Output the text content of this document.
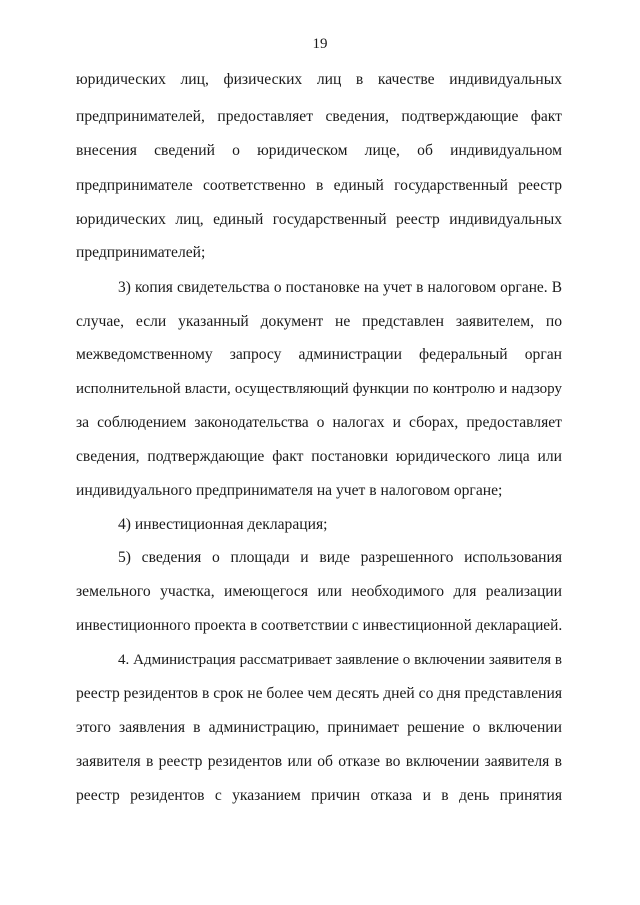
19
юридических лиц, физических лиц в качестве индивидуальных
предпринимателей, предоставляет сведения, подтверждающие факт
внесения сведений о юридическом лице, об индивидуальном
предпринимателе соответственно в единый государственный реестр
юридических лиц, единый государственный реестр индивидуальных
предпринимателей;
3) копия свидетельства о постановке на учет в налоговом органе. В
случае, если указанный документ не представлен заявителем, по
межведомственному запросу администрации федеральный орган
исполнительной власти, осуществляющий функции по контролю и надзору
за соблюдением законодательства о налогах и сборах, предоставляет
сведения, подтверждающие факт постановки юридического лица или
индивидуального предпринимателя на учет в налоговом органе;
4) инвестиционная декларация;
5) сведения о площади и виде разрешенного использования
земельного участка, имеющегося или необходимого для реализации
инвестиционного проекта в соответствии с инвестиционной декларацией.
4. Администрация рассматривает заявление о включении заявителя в
реестр резидентов в срок не более чем десять дней со дня представления
этого заявления в администрацию, принимает решение о включении
заявителя в реестр резидентов или об отказе во включении заявителя в
реестр резидентов с указанием причин отказа и в день принятия
